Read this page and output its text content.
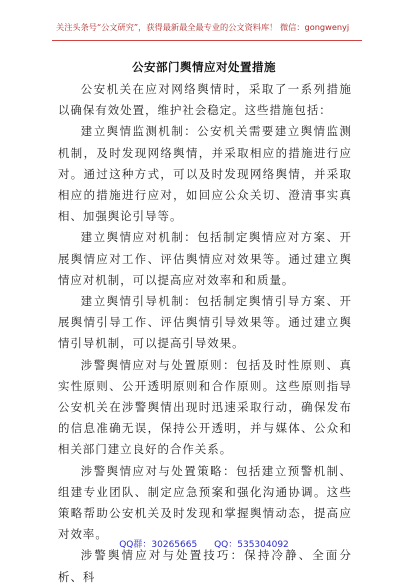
关注头条号“公文研究”，获得最新最全最专业的公文资料库！ 微信：gongwenyj
公安部门舆情应对处置措施

公安机关在应对网络舆情时，采取了一系列措施以确保有效处置，维护社会稳定。这些措施包括：

建立舆情监测机制：公安机关需要建立舆情监测机制，及时发现网络舆情，并采取相应的措施进行应对。通过这种方式，可以及时发现网络舆情，并采取相应的措施进行应对，如回应公众关切、澄清事实真相、加强舆论引导等。

建立舆情应对机制：包括制定舆情应对方案、开展舆情应对工作、评估舆情应对效果等。通过建立舆情应对机制，可以提高应对效率和和质量。

建立舆情引导机制：包括制定舆情引导方案、开展舆情引导工作、评估舆情引导效果等。通过建立舆情引导机制，可以提高引导效果。

涉警舆情应对与处置原则：包括及时性原则、真实性原则、公开透明原则和合作原则。这些原则指导公安机关在涉警舆情出现时迅速采取行动，确保发布的信息准确无误，保持公开透明，并与媒体、公众和相关部门建立良好的合作关系。

涉警舆情应对与处置策略：包括建立预警机制、组建专业团队、制定应急预案和强化沟通协调。这些策略帮助公安机关及时发现和掌握舆情动态，提高应对效率。

涉警舆情应对与处置技巧：保持冷静、全面分析、科

QQ群：30265665 QQ：535304092
